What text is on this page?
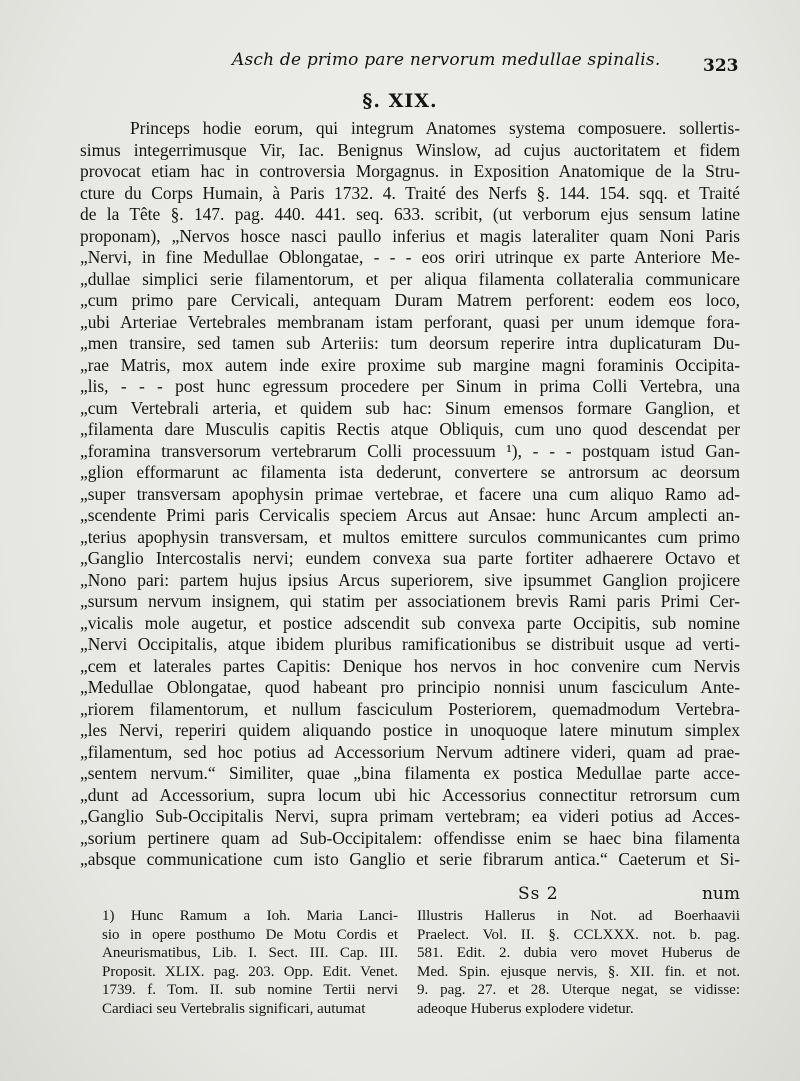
Asch de primo pare nervorum medullae spinalis.	323
§. XIX.
Princeps hodie eorum, qui integrum Anatomes systema composuere. sollertis-
simus integerrimusque Vir, Iac. Benignus Winslow, ad cujus auctoritatem et fidem
provocat etiam hac in controversia Morgagnus. in Exposition Anatomique de la Stru-
cture du Corps Humain, à Paris 1732. 4. Traité des Nerfs §. 144. 154. sqq. et Traité
de la Tête §. 147. pag. 440. 441. seq. 633. scribit, (ut verborum ejus sensum latine
proponam), „Nervos hosce nasci paullo inferius et magis lateraliter quam Noni Paris
„Nervi, in fine Medullae Oblongatae, - - - eos oriri utrinque ex parte Anteriore Me-
„dullae simplici serie filamentorum, et per aliqua filamenta collateralia communicare
„cum primo pare Cervicali, antequam Duram Matrem perforent: eodem eos loco,
„ubi Arteriae Vertebrales membranam istam perforant, quasi per unum idemque fora-
„men transire, sed tamen sub Arteriis: tum deorsum reperire intra duplicaturam Du-
„rae Matris, mox autem inde exire proxime sub margine magni foraminis Occipita-
„lis, - - - post hunc egressum procedere per Sinum in prima Colli Vertebra, una
„cum Vertebrali arteria, et quidem sub hac: Sinum emensos formare Ganglion, et
„filamenta dare Musculis capitis Rectis atque Obliquis, cum uno quod descendat per
„foramina transversorum vertebrarum Colli processuum ¹), - - - postquam istud Gan-
„glion efformarunt ac filamenta ista dederunt, convertere se antrorsum ac deorsum
„super transversam apophysin primae vertebrae, et facere una cum aliquo Ramo ad-
„scendente Primi paris Cervicalis speciem Arcus aut Ansae: hunc Arcum amplecti an-
„terius apophysin transversam, et multos emittere surculos communicantes cum primo
„Ganglio Intercostalis nervi; eundem convexa sua parte fortiter adhaerere Octavo et
„Nono pari: partem hujus ipsius Arcus superiorem, sive ipsummet Ganglion projicere
„sursum nervum insignem, qui statim per associationem brevis Rami paris Primi Cer-
„vicalis mole augetur, et postice adscendit sub convexa parte Occipitis, sub nomine
„Nervi Occipitalis, atque ibidem pluribus ramificationibus se distribuit usque ad verti-
„cem et laterales partes Capitis: Denique hos nervos in hoc convenire cum Nervis
„Medullae Oblongatae, quod habeant pro principio nonnisi unum fasciculum Ante-
„riorem filamentorum, et nullum fasciculum Posteriorem, quemadmodum Vertebra-
„les Nervi, reperiri quidem aliquando postice in unoquoque latere minutum simplex
„filamentum, sed hoc potius ad Accessorium Nervum adtinere videri, quam ad prae-
„sentem nervum.“ Similiter, quae „bina filamenta ex postica Medullae parte acce-
„dunt ad Accessorium, supra locum ubi hic Accessorius connectitur retrorsum cum
„Ganglio Sub-Occipitalis Nervi, supra primam vertebram; ea videri potius ad Acces-
„sorium pertinere quam ad Sub-Occipitalem: offendisse enim se haec bina filamenta
„absque communicatione cum isto Ganglio et serie fibrarum antica.“ Caeterum et Si-
Ss 2	num
1) Hunc Ramum a Ioh. Maria Lanci-
sio in opere posthumo De Motu Cordis et
Aneurismatibus, Lib. I. Sect. III. Cap. III.
Proposit. XLIX. pag. 203. Opp. Edit. Venet.
1739. f. Tom. II. sub nomine Tertii nervi
Cardiaci seu Vertebralis significari, autumat
Illustris Hallerus in Not. ad Boerhaavii
Praelect. Vol. II. §. CCLXXX. not. b. pag.
581. Edit. 2. dubia vero movet Huberus de
Med. Spin. ejusque nervis, §. XII. fin. et not.
9. pag. 27. et 28. Uterque negat, se vidisse:
adeoque Huberus explodere videtur.
